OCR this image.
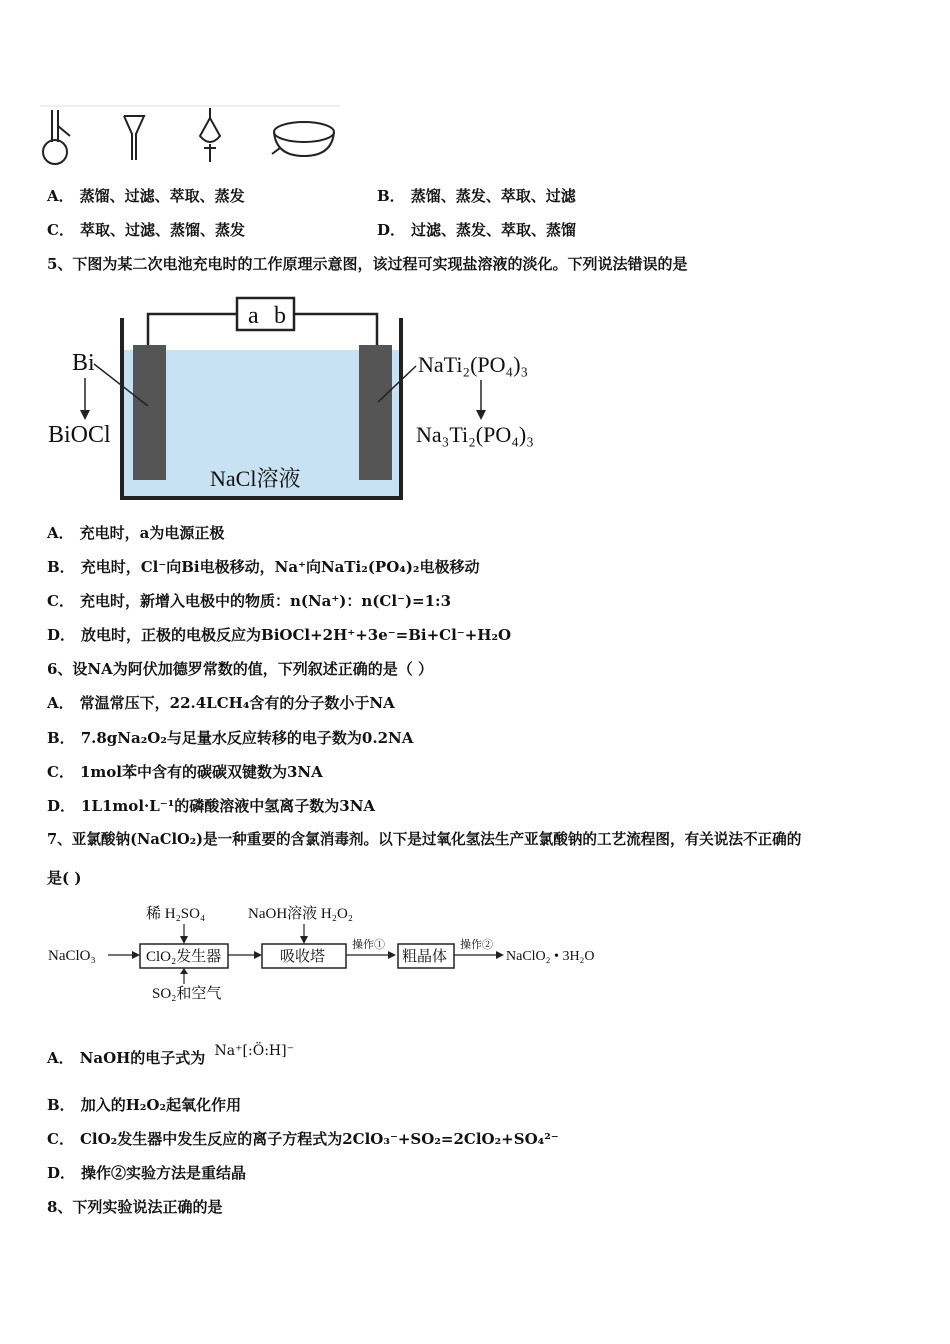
A． 蒸馏、过滤、萃取、蒸发	B． 蒸馏、蒸发、萃取、过滤
C． 萃取、过滤、蒸馏、蒸发	D． 过滤、蒸发、萃取、蒸馏
5、下图为某二次电池充电时的工作原理示意图，该过程可实现盐溶液的淡化。下列说法错误的是
a b
Bi
BiOCl
NaTi₂(PO₄)₃
Na₃Ti₂(PO₄)₃
NaCl溶液
A． 充电时，a为电源正极
B． 充电时，Cl⁻向Bi电极移动，Na⁺向NaTi₂(PO₄)₂电极移动
C． 充电时，新增入电极中的物质：n(Na⁺)：n(Cl⁻)=1:3
D． 放电时，正极的电极反应为BiOCl+2H⁺+3e⁻=Bi+Cl⁻+H₂O
6、设NA为阿伏加德罗常数的值，下列叙述正确的是（ ）
A． 常温常压下，22.4LCH₄含有的分子数小于NA
B． 7.8gNa₂O₂与足量水反应转移的电子数为0.2NA
C． 1mol苯中含有的碳碳双键数为3NA
D． 1L1mol·L⁻¹的磷酸溶液中氢离子数为3NA
7、亚氯酸钠(NaClO₂)是一种重要的含氯消毒剂。以下是过氧化氢法生产亚氯酸钠的工艺流程图，有关说法不正确的
是( )
NaClO₃	ClO₂发生器
稀 H₂SO₄
SO₂和空气
吸收塔
NaOH溶液 H₂O₂
操作①
粗晶体
操作②
NaClO₂ • 3H₂O
A． NaOH的电子式为 Na⁺[:Ö:H]⁻
B． 加入的H₂O₂起氧化作用
C． ClO₂发生器中发生反应的离子方程式为2ClO₃⁻+SO₂=2ClO₂+SO₄²⁻
D． 操作②实验方法是重结晶
8、下列实验说法正确的是
